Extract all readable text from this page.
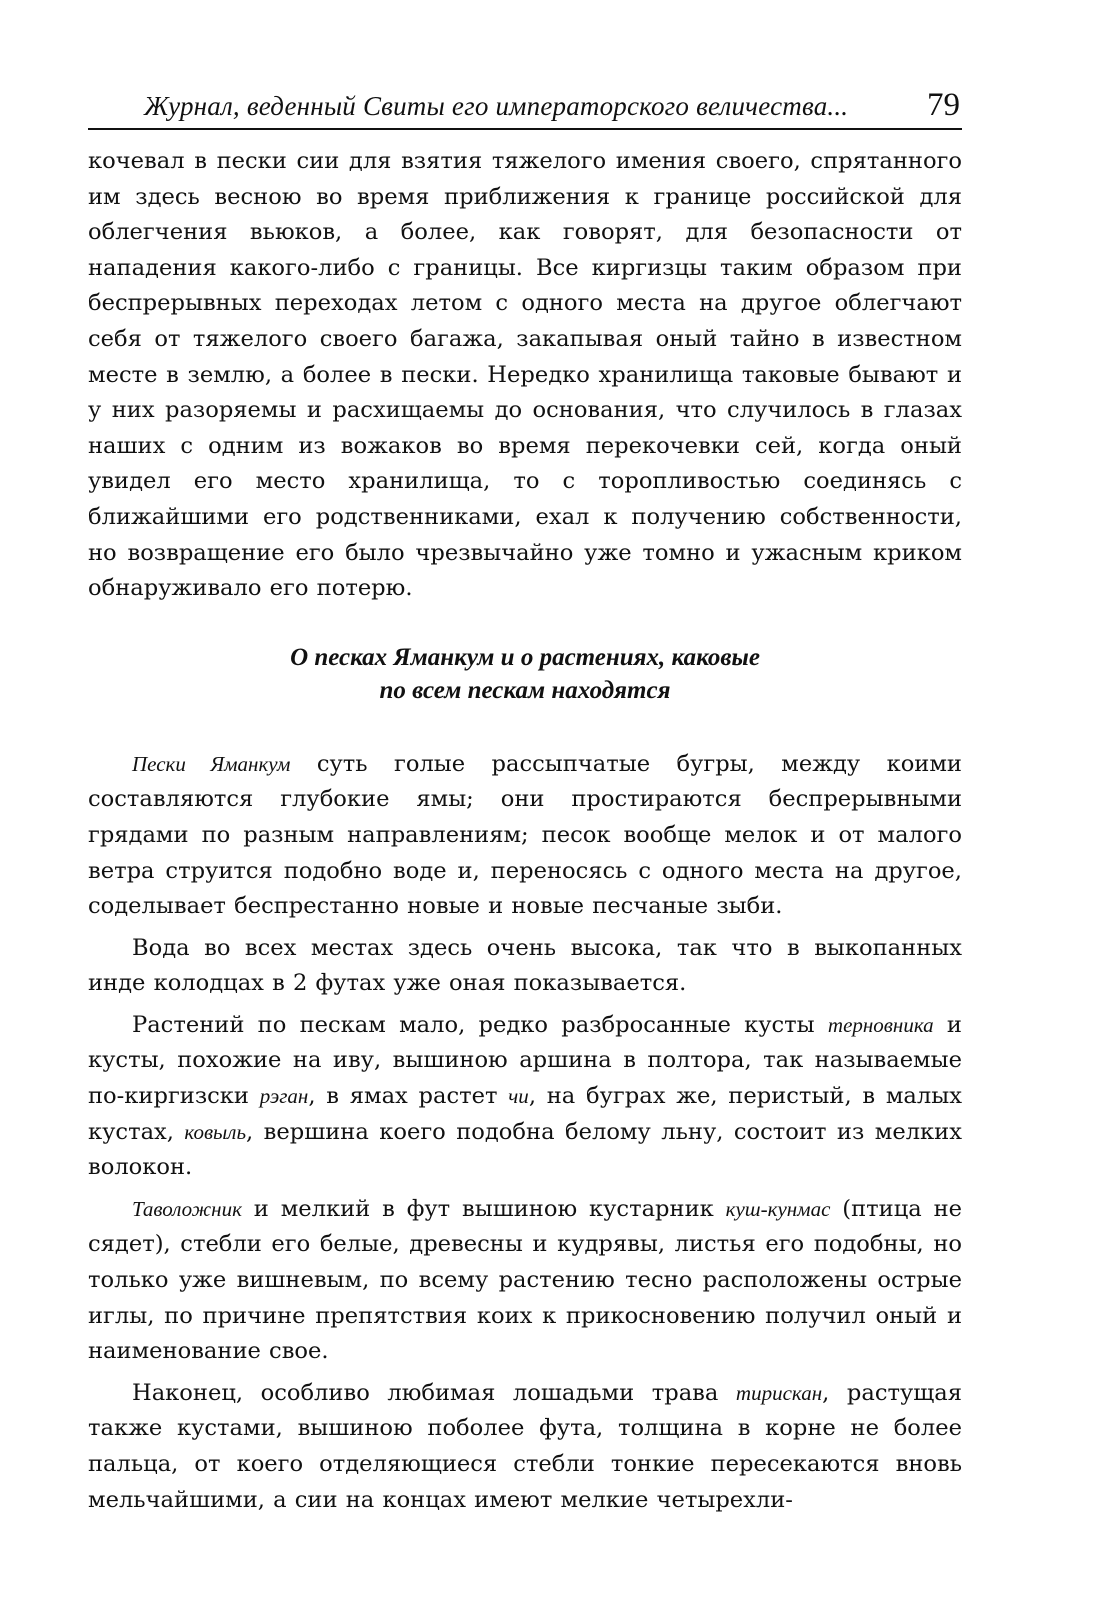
Журнал, веденный Свиты его императорского величества... 79

кочевал в пески сии для взятия тяжелого имения своего, спрятанного им здесь весною во время приближения к границе российской для облегчения вьюков, а более, как говорят, для безопасности от нападения какого-либо с границы. Все киргизцы таким образом при беспрерывных переходах летом с одного места на другое облегчают себя от тяжелого своего багажа, закапывая оный тайно в известном месте в землю, а более в пески. Нередко хранилища таковые бывают и у них разоряемы и расхищаемы до основания, что случилось в глазах наших с одним из вожаков во время перекочевки сей, когда оный увидел его место хранилища, то с торопливостью соединясь с ближайшими его родственниками, ехал к получению собственности, но возвращение его было чрезвычайно уже томно и ужасным криком обнаруживало его потерю.

О песках Яманкум и о растениях, каковые
по всем пескам находятся

Пески Яманкум суть голые рассыпчатые бугры, между коими составляются глубокие ямы; они простираются беспрерывными грядами по разным направлениям; песок вообще мелок и от малого ветра струится подобно воде и, переносясь с одного места на другое, соделывает беспрестанно новые и новые песчаные зыби.

Вода во всех местах здесь очень высока, так что в выкопанных инде колодцах в 2 футах уже оная показывается.

Растений по пескам мало, редко разбросанные кусты терновника и кусты, похожие на иву, вышиною аршина в полтора, так называемые по-киргизски рэган, в ямах растет чи, на буграх же, перистый, в малых кустах, ковыль, вершина коего подобна белому льну, состоит из мелких волокон.

Таволожник и мелкий в фут вышиною кустарник куш-кунмас (птица не сядет), стебли его белые, древесны и кудрявы, листья его подобны, но только уже вишневым, по всему растению тесно расположены острые иглы, по причине препятствия коих к прикосновению получил оный и наименование свое.

Наконец, особливо любимая лошадьми трава тирискан, растущая также кустами, вышиною поболее фута, толщина в корне не более пальца, от коего отделяющиеся стебли тонкие пересекаются вновь мельчайшими, а сии на концах имеют мелкие четырехли-
